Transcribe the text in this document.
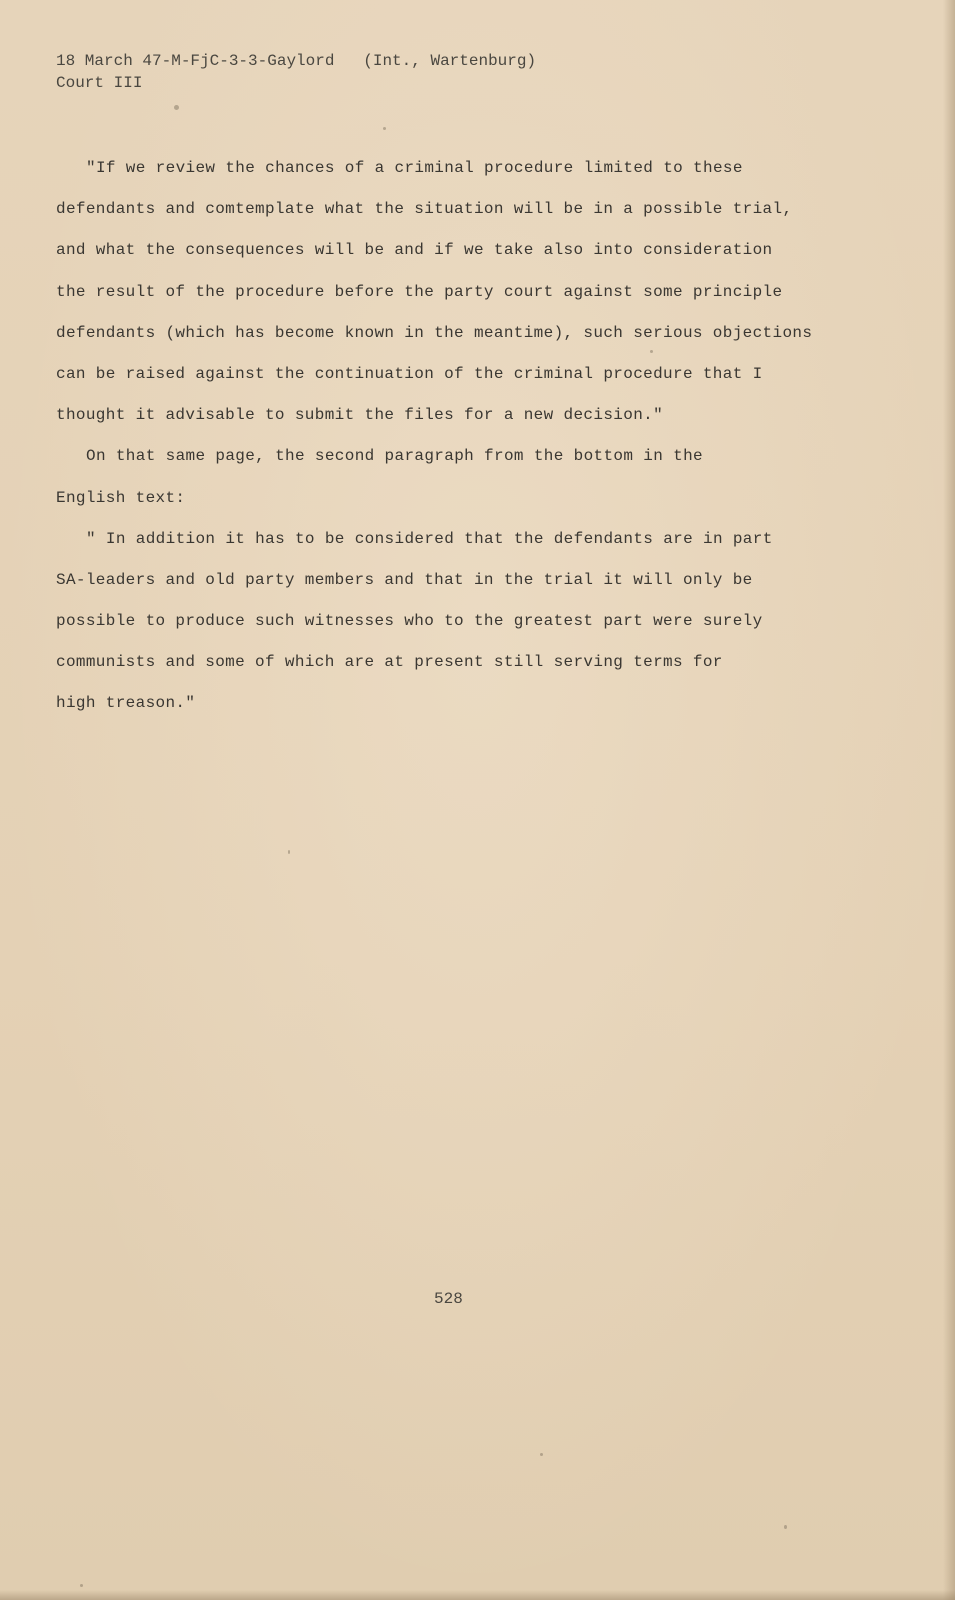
18 March 47-M-FjC-3-3-Gaylord   (Int., Wartenburg)
Court III
"If we review the chances of a criminal procedure limited to these
defendants and comtemplate what the situation will be in a possible trial,
and what the consequences will be and if we take also into consideration
the result of the procedure before the party court against some principle
defendants (which has become known in the meantime), such serious objections
can be raised against the continuation of the criminal procedure that I
thought it advisable to submit the files for a new decision."
On that same page, the second paragraph from the bottom in the
English text:
" In addition it has to be considered that the defendants are in part
SA-leaders and old party members and that in the trial it will only be
possible to produce such witnesses who to the greatest part were surely
communists and some of which are at present still serving terms for
high treason."
528
